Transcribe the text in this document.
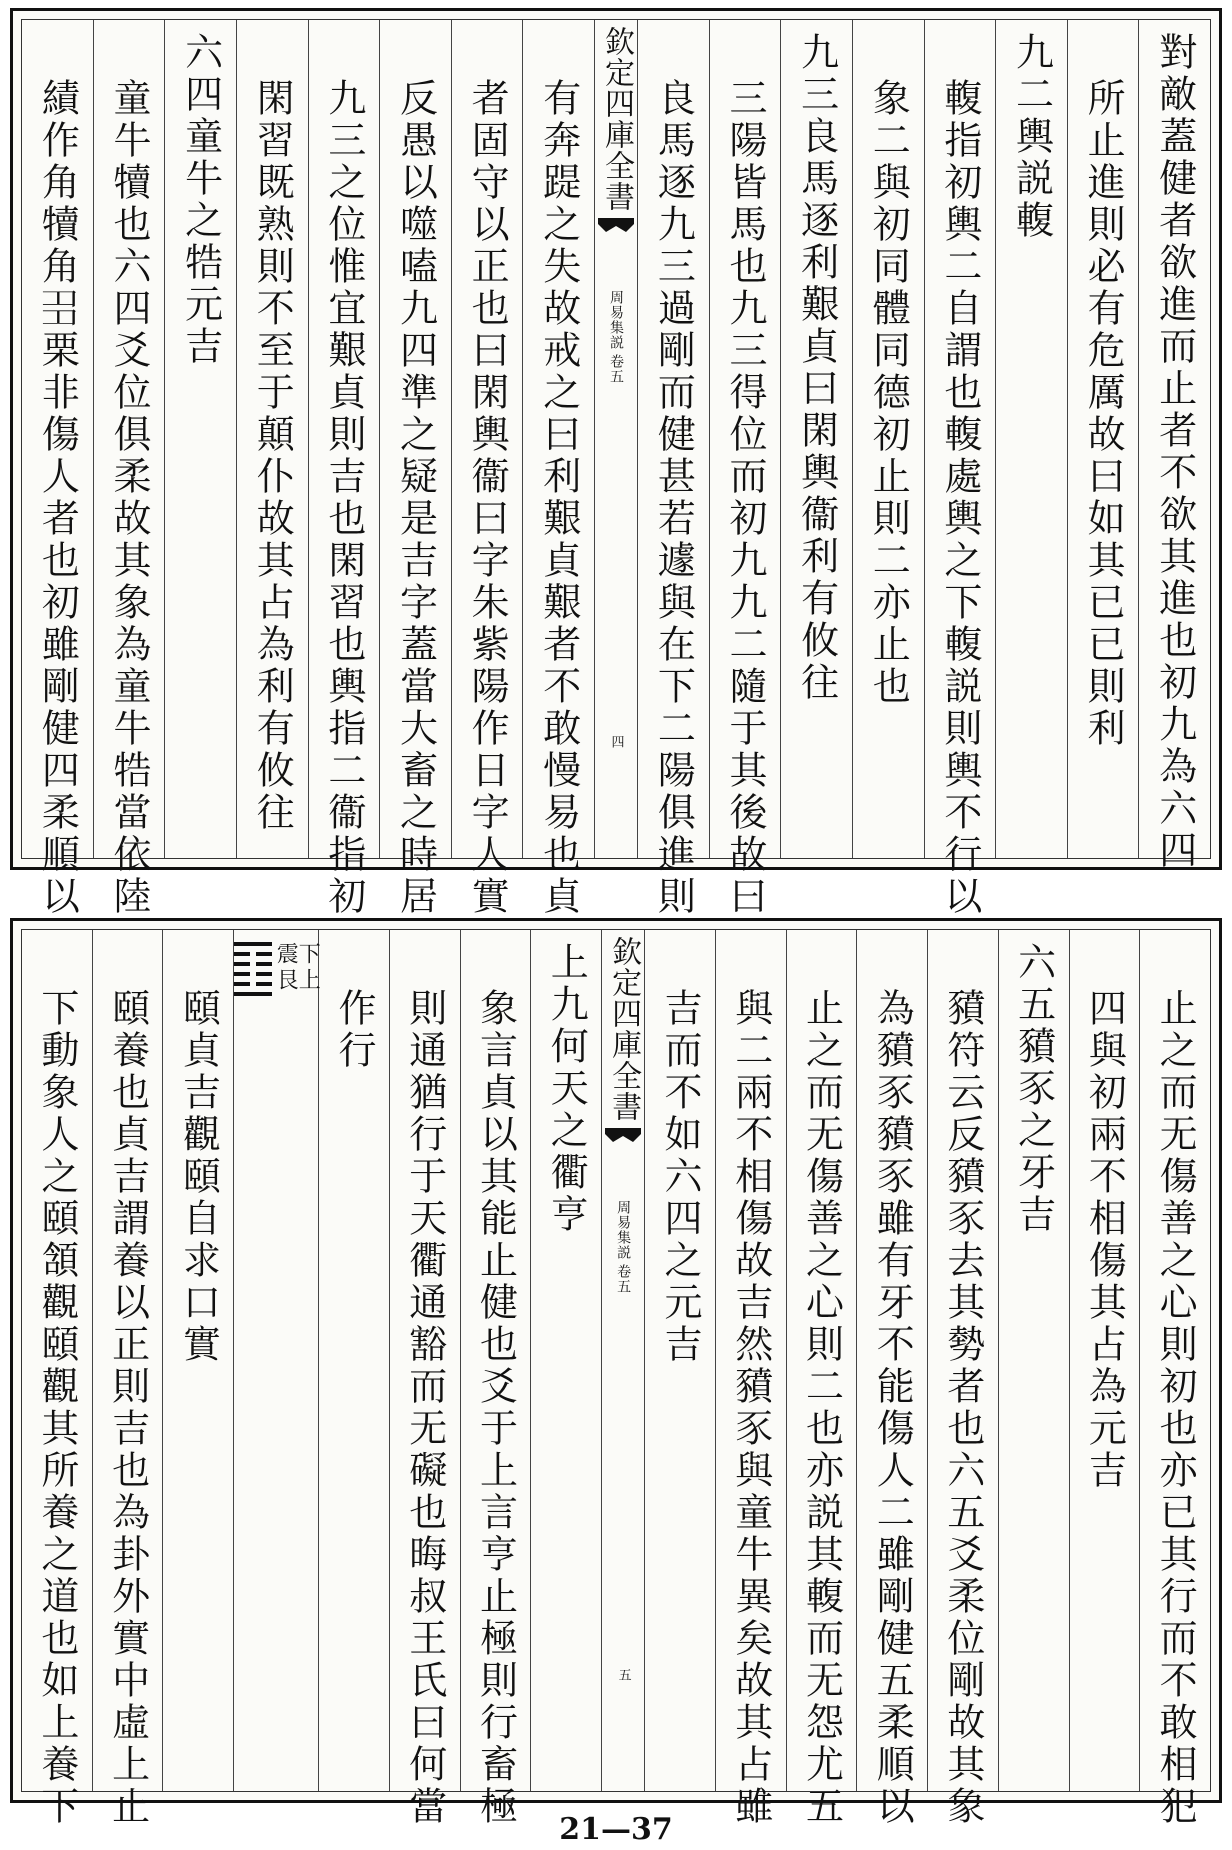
對敵蓋健者欲進而止者不欲其進也初九為六四
所止進則必有危厲故曰如其已已則利
九二輿説輹
輹指初輿二自謂也輹處輿之下輹説則輿不行以
象二與初同體同德初止則二亦止也
九三良馬逐利艱貞曰閑輿衞利有攸往
三陽皆馬也九三得位而初九九二隨于其後故曰
良馬逐九三過剛而健甚若遽與在下二陽俱進則
欽定四庫全書
周易集説
卷五
四
有奔踶之失故戒之曰利艱貞艱者不敢慢易也貞
者固守以正也曰閑輿衞曰字朱紫陽作日字人實
反愚以噬嗑九四準之疑是吉字蓋當大畜之時居
九三之位惟宜艱貞則吉也閑習也輿指二衞指初
閑習既熟則不至于顛仆故其占為利有攸往
六四童牛之牿元吉
童牛犢也六四爻位俱柔故其象為童牛牿當依陸
績作角犢角𡖈栗非傷人者也初雖剛健四柔順以
止之而无傷善之心則初也亦已其行而不敢相犯
四與初兩不相傷其占為元吉
六五豶豕之牙吉
豶符云反豶豕去其勢者也六五爻柔位剛故其象
為豶豕豶豕雖有牙不能傷人二雖剛健五柔順以
止之而无傷善之心則二也亦説其輹而无怨尤五
與二兩不相傷故吉然豶豕與童牛異矣故其占雖
吉而不如六四之元吉
欽定四庫全書
周易集説
卷五
五
上九何天之衢亨
象言貞以其能止健也爻于上言亨止極則行畜極
則通猶行于天衢通豁而无礙也晦叔王氏曰何當
作行
下
震
上
艮
頤貞吉觀頤自求口實
頤養也貞吉謂養以正則吉也為卦外實中虛上止
下動象人之頤頷觀頤觀其所養之道也如上養下
21—37
